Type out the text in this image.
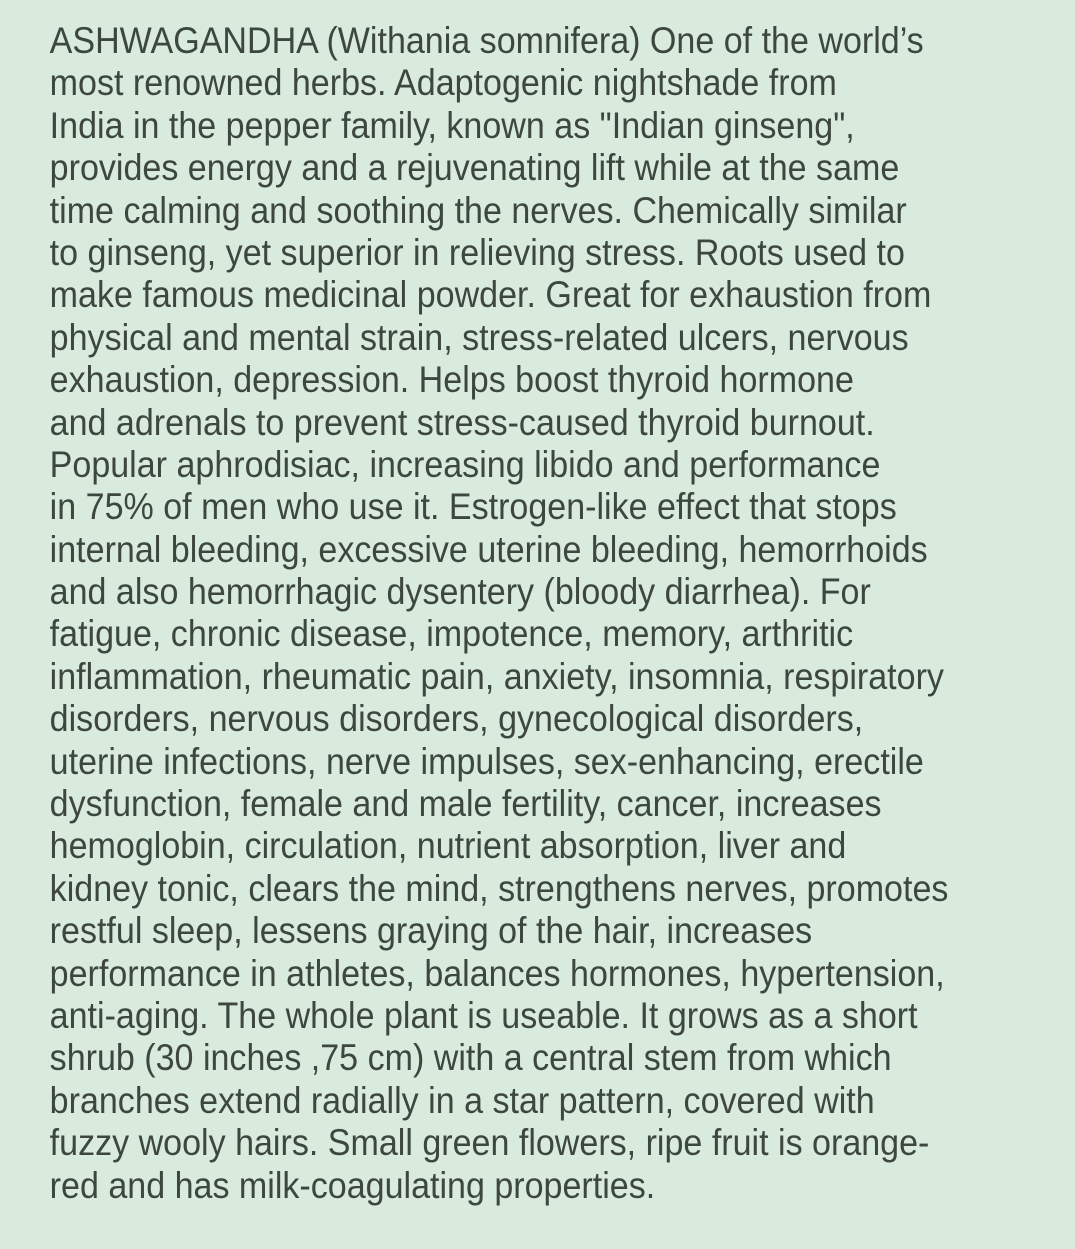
ASHWAGANDHA (Withania somnifera) One of the world’s
most renowned herbs. Adaptogenic nightshade from
India in the pepper family, known as "Indian ginseng",
provides energy and a rejuvenating lift while at the same
time calming and soothing the nerves. Chemically similar
to ginseng, yet superior in relieving stress. Roots used to
make famous medicinal powder. Great for exhaustion from
physical and mental strain, stress-related ulcers, nervous
exhaustion, depression. Helps boost thyroid hormone
and adrenals to prevent stress-caused thyroid burnout.
Popular aphrodisiac, increasing libido and performance
in 75% of men who use it. Estrogen-like effect that stops
internal bleeding, excessive uterine bleeding, hemorrhoids
and also hemorrhagic dysentery (bloody diarrhea). For
fatigue, chronic disease, impotence, memory, arthritic
inflammation, rheumatic pain, anxiety, insomnia, respiratory
disorders, nervous disorders, gynecological disorders,
uterine infections, nerve impulses, sex-enhancing, erectile
dysfunction, female and male fertility, cancer, increases
hemoglobin, circulation, nutrient absorption, liver and
kidney tonic, clears the mind, strengthens nerves, promotes
restful sleep, lessens graying of the hair, increases
performance in athletes, balances hormones, hypertension,
anti-aging. The whole plant is useable. It grows as a short
shrub (30 inches ,75 cm) with a central stem from which
branches extend radially in a star pattern, covered with
fuzzy wooly hairs. Small green flowers, ripe fruit is orange-
red and has milk-coagulating properties.
